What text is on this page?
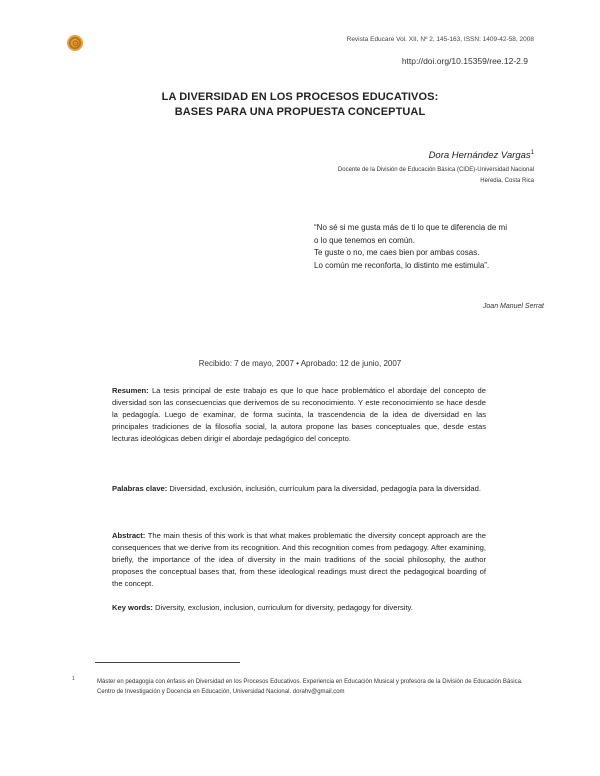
Revista Educare Vol. XII, Nº 2, 145-163, ISSN: 1409-42-58, 2008
http://doi.org/10.15359/ree.12-2.9
LA DIVERSIDAD EN LOS PROCESOS EDUCATIVOS:
BASES PARA UNA PROPUESTA CONCEPTUAL
Dora Hernández Vargas$^1$
Docente de la División de Educación Básica (CIDE)-Universidad Nacional
Heredia, Costa Rica
“No sé si me gusta más de ti lo que te diferencia de mi
o lo que tenemos en común.
Te guste o no, me caes bien por ambas cosas.
Lo común me reconforta, lo distinto me estimula”.
Joan Manuel Serrat
Recibido: 7 de mayo, 2007 • Aprobado: 12 de junio, 2007
Resumen: La tesis principal de este trabajo es que lo que hace problemático el abordaje del concepto de diversidad son las consecuencias que derivemos de su reconocimiento. Y este reconocimiento se hace desde la pedagogía. Luego de examinar, de forma sucinta, la trascendencia de la idea de diversidad en las principales tradiciones de la filosofía social, la autora propone las bases conceptuales que, desde estas lecturas ideológicas deben dirigir el abordaje pedagógico del concepto.
Palabras clave: Diversidad, exclusión, inclusión, currículum para la diversidad, pedagogía para la diversidad.
Abstract: The main thesis of this work is that what makes problematic the diversity concept approach are the consequences that we derive from its recognition. And this recognition comes from pedagogy. After examining, briefly, the importance of the idea of diversity in the main traditions of the social philosophy, the author proposes the conceptual bases that, from these ideological readings must direct the pedagogical boarding of the concept.
Key words: Diversity, exclusion, inclusion, curriculum for diversity, pedagogy for diversity.
1	Máster en pedagogía con énfasis en Diversidad en los Procesos Educativos. Experiencia en Educación Musical y profesora de la División de Educación Básica. Centro de Investigación y Docencia en Educación, Universidad Nacional. dorahv@gmail.com
